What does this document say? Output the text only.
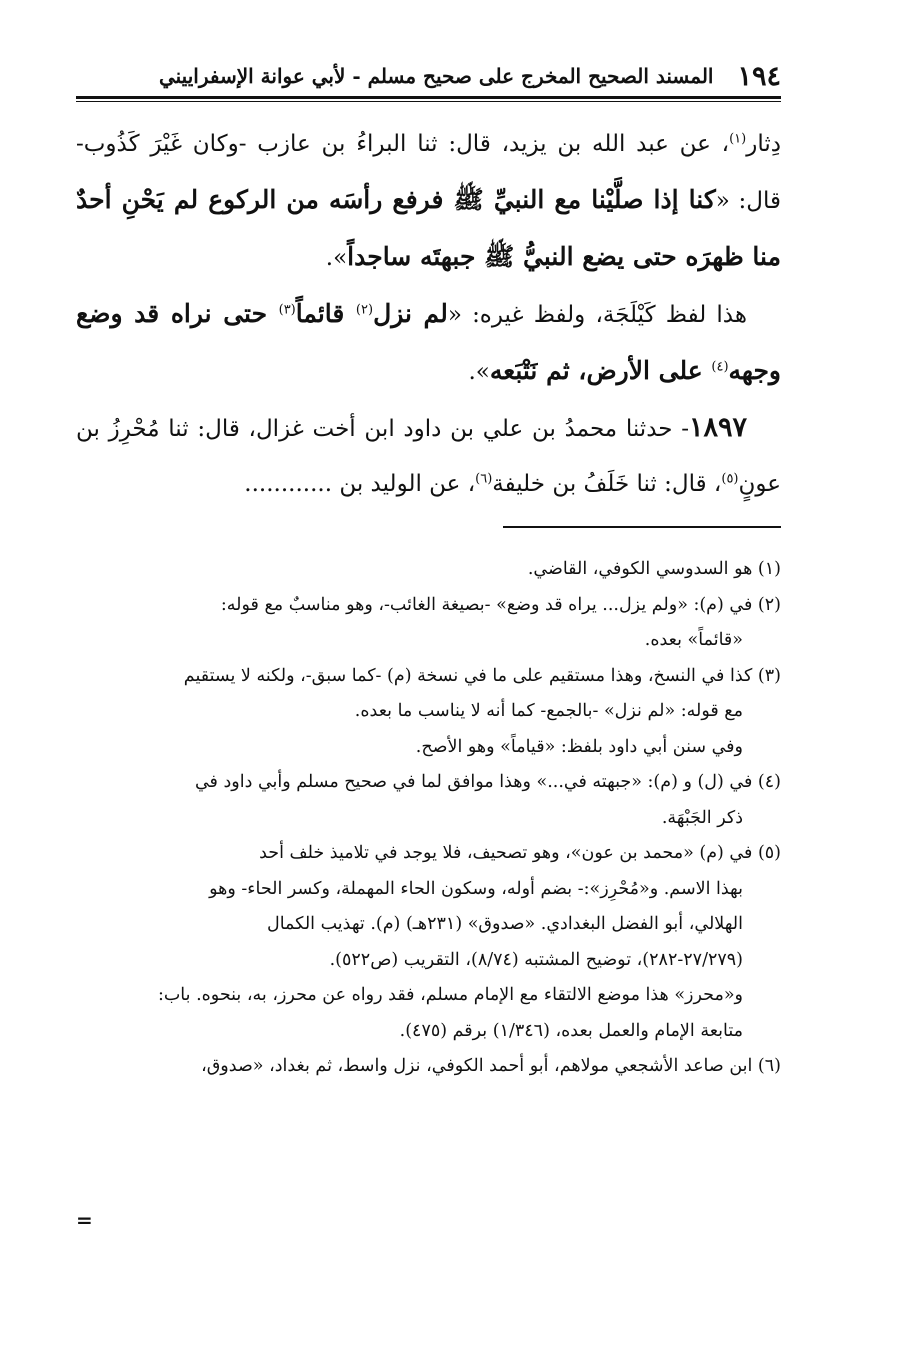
١٩٤
المسند الصحيح المخرج على صحيح مسلم - لأبي عوانة الإسفراييني

دِثار$^{(١)}$، عن عبد الله بن يزيد، قال: ثنا البراءُ بن عازب -وكان غَيْرَ كَذُوب- قال: «كنا إذا صلَّيْنا مع النبيِّ ﷺ فرفع رأسَه من الركوع لم يَحْنِ أحدٌ منا ظهرَه حتى يضع النبيُّ ﷺ جبهتَه ساجداً».

هذا لفظ كَيْلَجَة، ولفظ غيره: «لم نزل$^{(٢)}$ قائماً$^{(٣)}$ حتى نراه قد وضع وجهه$^{(٤)}$ على الأرض، ثم نَتْبَعه».

١٨٩٧- حدثنا محمدُ بن علي بن داود ابن أخت غزال، قال: ثنا مُحْرِزُ بن عونٍ$^{(٥)}$، قال: ثنا خَلَفُ بن خليفة$^{(٦)}$، عن الوليد بن ............

(١) هو السدوسي الكوفي، القاضي.

(٢) في (م): «ولم يزل... يراه قد وضع» -بصيغة الغائب-، وهو مناسبٌ مع قوله:

«قائماً» بعده.

(٣) كذا في النسخ، وهذا مستقيم على ما في نسخة (م) -كما سبق-، ولكنه لا يستقيم

مع قوله: «لم نزل» -بالجمع- كما أنه لا يناسب ما بعده.

وفي سنن أبي داود بلفظ: «قياماً» وهو الأصح.

(٤) في (ل) و (م): «جبهته في...» وهذا موافق لما في صحيح مسلم وأبي داود في

ذكر الجَبْهَة.

(٥) في (م) «محمد بن عون»، وهو تصحيف، فلا يوجد في تلاميذ خلف أحد

بهذا الاسم. و«مُحْرِز»:- بضم أوله، وسكون الحاء المهملة، وكسر الحاء- وهو

الهلالي، أبو الفضل البغدادي. «صدوق» (٢٣١هـ) (م). تهذيب الكمال

(٢٧/٢٧٩-٢٨٢)، توضيح المشتبه (٨/٧٤)، التقريب (ص٥٢٢).

و«محرز» هذا موضع الالتقاء مع الإمام مسلم، فقد رواه عن محرز، به، بنحوه. باب:

متابعة الإمام والعمل بعده، (١/٣٤٦) برقم (٤٧٥).

(٦) ابن صاعد الأشجعي مولاهم، أبو أحمد الكوفي، نزل واسط، ثم بغداد، «صدوق،

=
